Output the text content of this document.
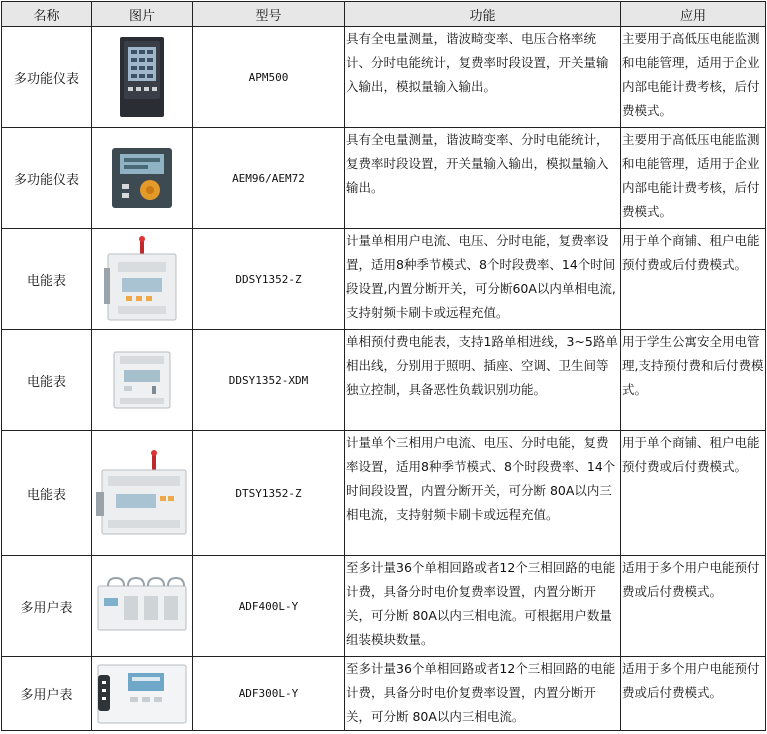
名称	图片	型号	功能	应用
多功能仪表		APM500	具有全电量测量，谐波畸变率、电压合格率统计、分时电能统计，复费率时段设置，开关量输入输出，模拟量输入输出。	主要用于高低压电能监测和电能管理，适用于企业内部电能计费考核，后付费模式。
多功能仪表		AEM96/AEM72	具有全电量测量，谐波畸变率、分时电能统计，复费率时段设置，开关量输入输出，模拟量输入输出。	主要用于高低压电能监测和电能管理，适用于企业内部电能计费考核，后付费模式。
电能表		DDSY1352-Z	计量单相用户电流、电压、分时电能，复费率设置，适用8种季节模式、8个时段费率、14个时间段设置,内置分断开关，可分断60A以内单相电流,支持射频卡刷卡或远程充值。	用于单个商铺、租户电能预付费或后付费模式。
电能表		DDSY1352-XDM	单相预付费电能表，支持1路单相进线，3~5路单相出线，分别用于照明、插座、空调、卫生间等独立控制，具备恶性负载识别功能。	用于学生公寓安全用电管理,支持预付费和后付费模式。
电能表		DTSY1352-Z	计量单个三相用户电流、电压、分时电能，复费率设置，适用8种季节模式、8个时段费率、14个时间段设置，内置分断开关，可分断 80A以内三相电流，支持射频卡刷卡或远程充值。	用于单个商铺、租户电能预付费或后付费模式。
多用户表		ADF400L-Y	至多计量36个单相回路或者12个三相回路的电能计费，具备分时电价复费率设置，内置分断开关，可分断 80A以内三相电流。可根据用户数量组装模块数量。	适用于多个用户电能预付费或后付费模式。
多用户表		ADF300L-Y	至多计量36个单相回路或者12个三相回路的电能计费，具备分时电价复费率设置，内置分断开关，可分断 80A以内三相电流。	适用于多个用户电能预付费或后付费模式。
